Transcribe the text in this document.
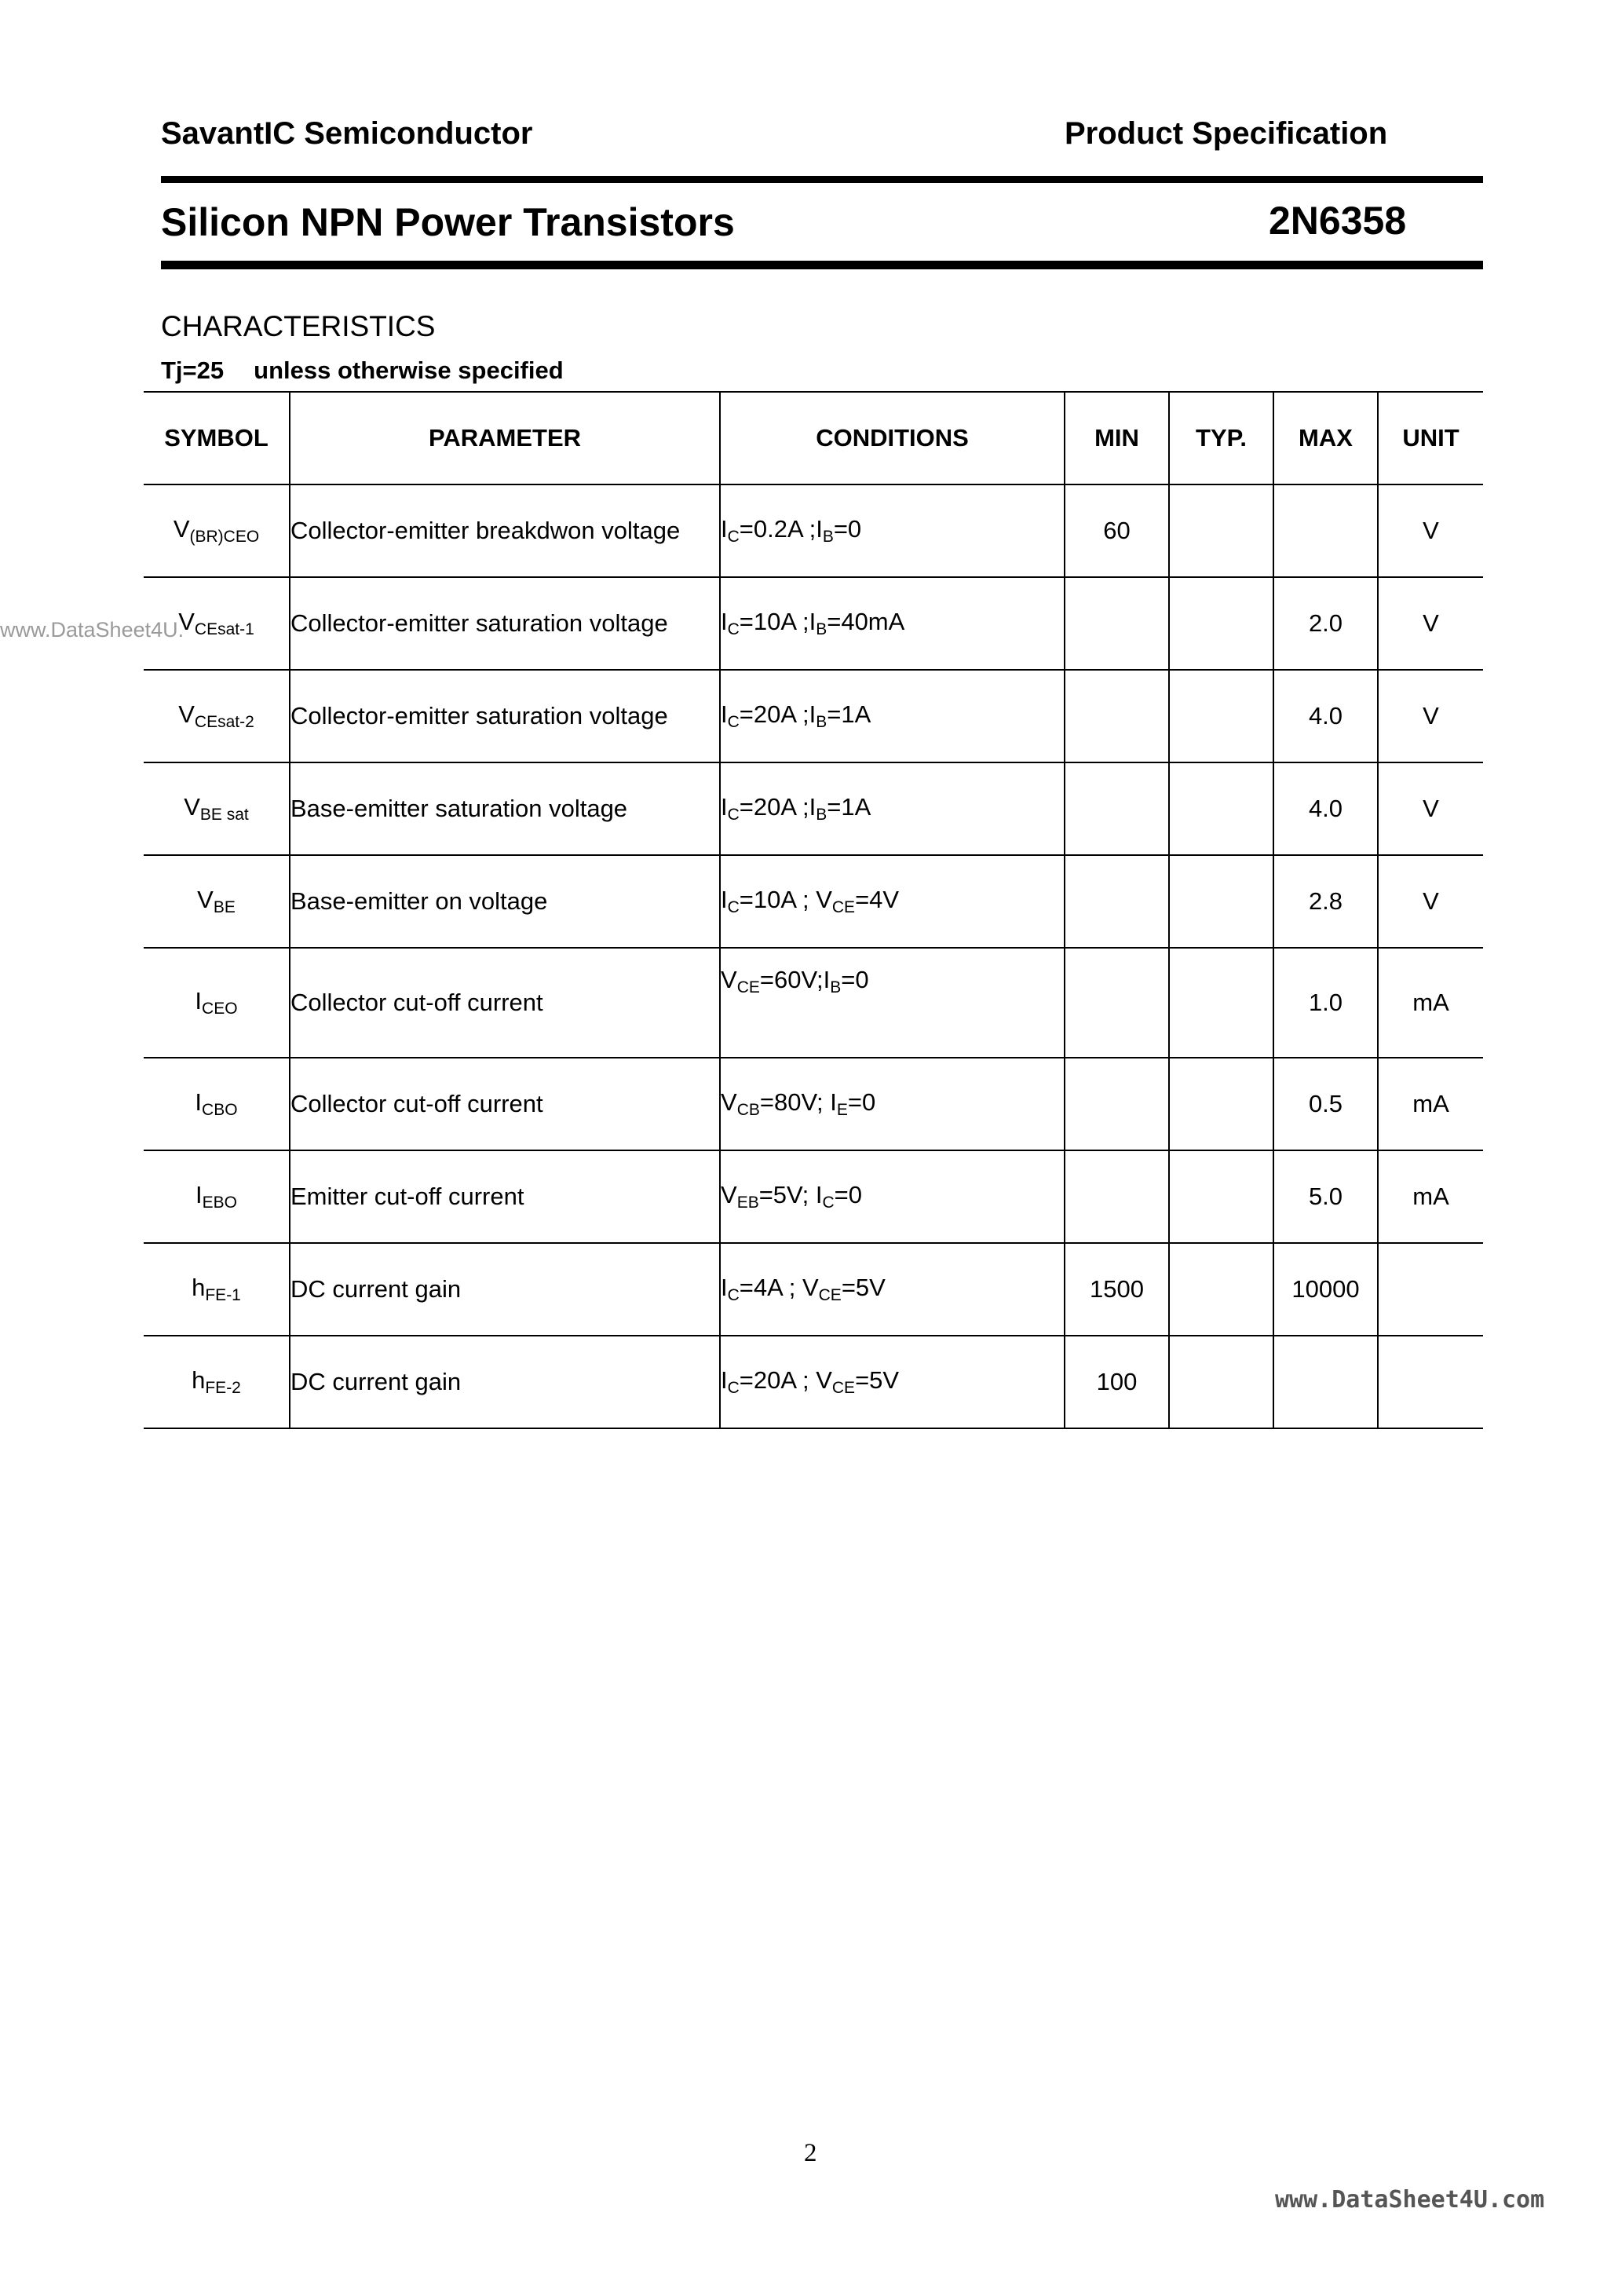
SavantIC Semiconductor	Product Specification
Silicon NPN Power Transistors	2N6358
CHARACTERISTICS
Tj=25 unless otherwise specified
www.DataSheet4U.
SYMBOL	PARAMETER	CONDITIONS	MIN	TYP.	MAX	UNIT
$V_{(BR)CEO}$	Collector-emitter breakdwon voltage	$I_C=0.2A$ $;I_B=0$	60			V
$V_{CEsat-1}$	Collector-emitter saturation voltage	$I_C=10A$ $;I_B=40mA$			2.0	V
$V_{CEsat-2}$	Collector-emitter saturation voltage	$I_C=20A$ $;I_B=1A$			4.0	V
$V_{BE sat}$	Base-emitter saturation voltage	$I_C=20A$ $;I_B=1A$			4.0	V
$V_{BE}$	Base-emitter on voltage	$I_C=10A$ ; $V_{CE}=4V$			2.8	V
$I_{CEO}$	Collector cut-off current	$V_{CE}=60V;I_B=0$			1.0	mA
$I_{CBO}$	Collector cut-off current	$V_{CB}=80V$; $I_E=0$			0.5	mA
$I_{EBO}$	Emitter cut-off current	$V_{EB}=5V$; $I_C=0$			5.0	mA
$h_{FE-1}$	DC current gain	$I_C=4A$ ; $V_{CE}=5V$	1500		10000	
$h_{FE-2}$	DC current gain	$I_C=20A$ ; $V_{CE}=5V$	100			
2
www.DataSheet4U.com
